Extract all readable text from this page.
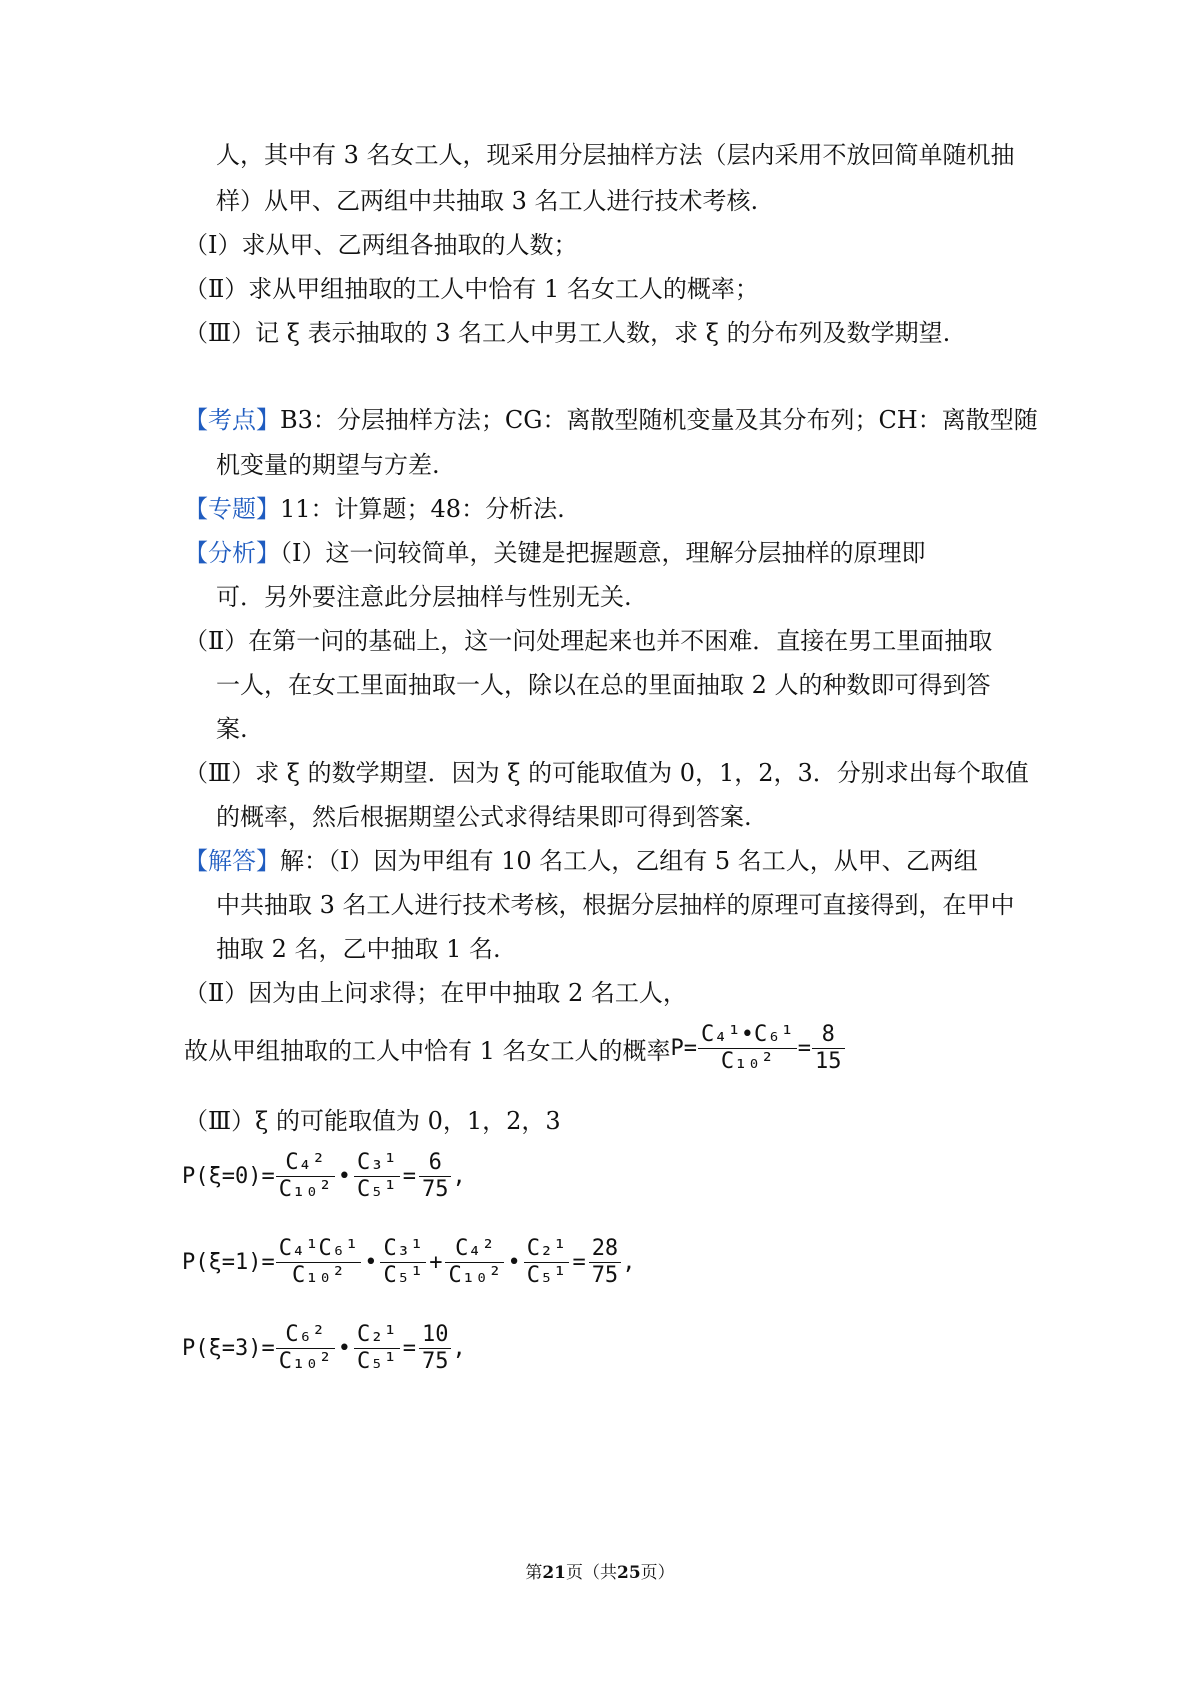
人，其中有 3 名女工人，现采用分层抽样方法（层内采用不放回简单随机抽
样）从甲、乙两组中共抽取 3 名工人进行技术考核.
（Ⅰ）求从甲、乙两组各抽取的人数；
（Ⅱ）求从甲组抽取的工人中恰有 1 名女工人的概率；
（Ⅲ）记 ξ 表示抽取的 3 名工人中男工人数，求 ξ 的分布列及数学期望.
【考点】B3：分层抽样方法；CG：离散型随机变量及其分布列；CH：离散型随
机变量的期望与方差.
【专题】11：计算题；48：分析法.
【分析】（Ⅰ）这一问较简单，关键是把握题意，理解分层抽样的原理即
可．另外要注意此分层抽样与性别无关.
（Ⅱ）在第一问的基础上，这一问处理起来也并不困难．直接在男工里面抽取
一人，在女工里面抽取一人，除以在总的里面抽取 2 人的种数即可得到答
案.
（Ⅲ）求 ξ 的数学期望．因为 ξ 的可能取值为 0，1，2，3．分别求出每个取值
的概率，然后根据期望公式求得结果即可得到答案.
【解答】解：（Ⅰ）因为甲组有 10 名工人，乙组有 5 名工人，从甲、乙两组
中共抽取 3 名工人进行技术考核，根据分层抽样的原理可直接得到，在甲中
抽取 2 名，乙中抽取 1 名.
（Ⅱ）因为由上问求得；在甲中抽取 2 名工人，
故从甲组抽取的工人中恰有 1 名女工人的概率 $P= \frac{\text{C₄¹•C₆¹}}{\text{C₁₀²}} = \frac{8}{15}$
（Ⅲ）ξ 的可能取值为 0，1，2，3
$P(\xi=0)= \frac{\text{C₄²}}{\text{C₁₀²}}$ • $\frac{\text{C₃¹}}{\text{C₅¹}} = \frac{6}{75}$ ,
$P(\xi=1)= \frac{\text{C₄¹C₆¹}}{\text{C₁₀²}}$ • $\frac{\text{C₃¹}}{\text{C₅¹}} + \frac{\text{C₄²}}{\text{C₁₀²}}$ • $\frac{\text{C₂¹}}{\text{C₅¹}} = \frac{28}{75}$ ,
$P(\xi=3)= \frac{\text{C₆²}}{\text{C₁₀²}}$ • $\frac{\text{C₂¹}}{\text{C₅¹}} = \frac{10}{75}$ ,
第21页（共25页）
